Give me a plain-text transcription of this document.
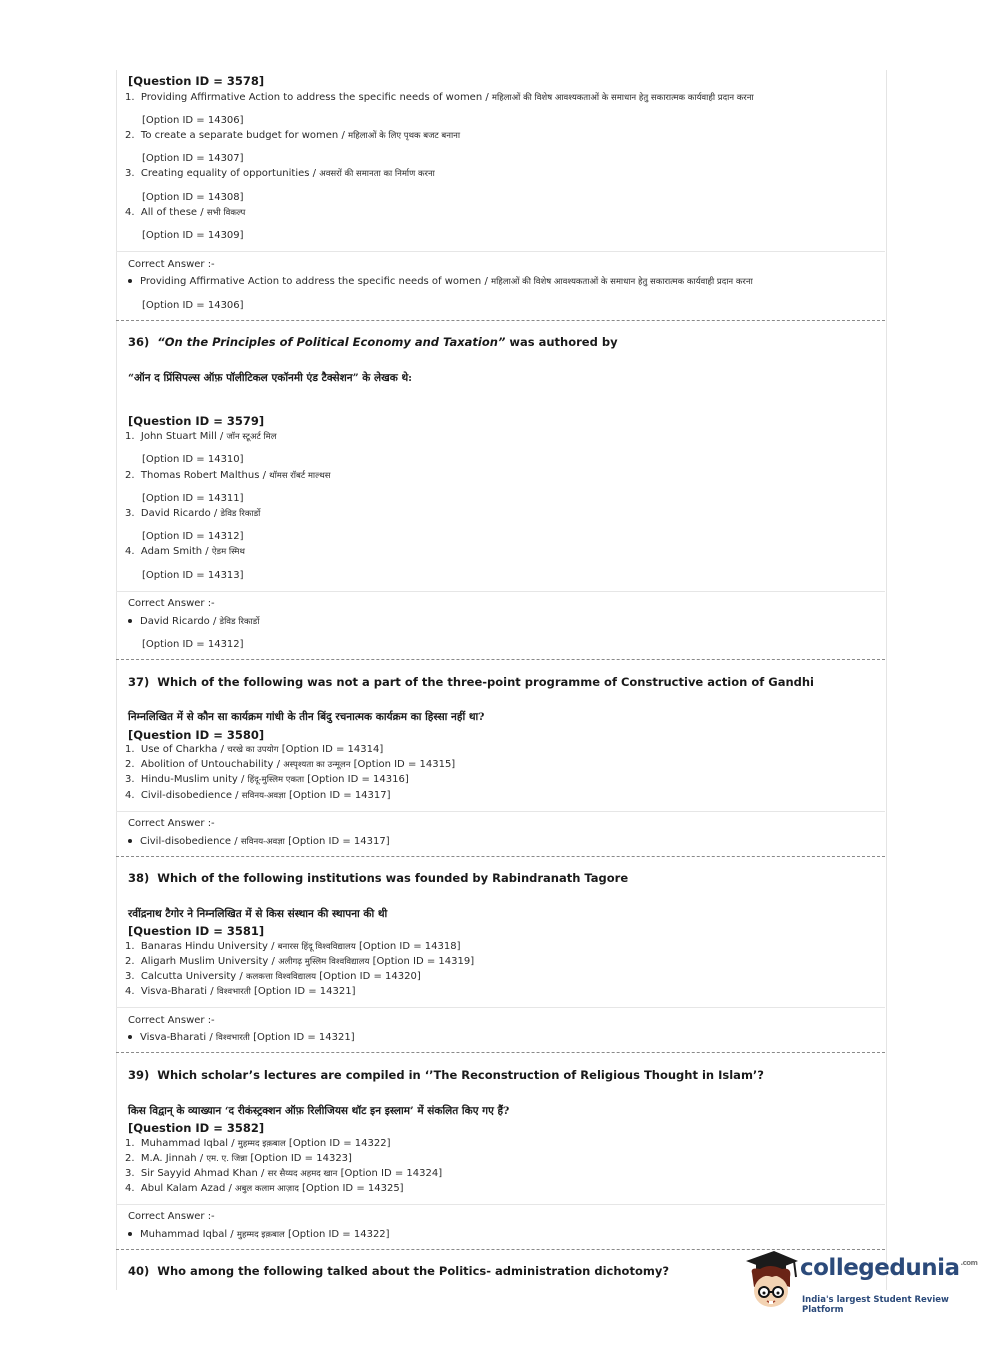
[Question ID = 3578]
1. Providing Affirmative Action to address the specific needs of women / महिलाओं की विशेष आवश्यकताओं के समाधान हेतु सकारात्मक कार्यवाही प्रदान करना
[Option ID = 14306]
2. To create a separate budget for women / महिलाओं के लिए पृथक बजट बनाना
[Option ID = 14307]
3. Creating equality of opportunities / अवसरों की समानता का निर्माण करना
[Option ID = 14308]
4. All of these / सभी विकल्प
[Option ID = 14309]
Correct Answer :-
Providing Affirmative Action to address the specific needs of women / महिलाओं की विशेष आवश्यकताओं के समाधान हेतु सकारात्मक कार्यवाही प्रदान करना
[Option ID = 14306]
36) “On the Principles of Political Economy and Taxation” was authored by
“ऑन द प्रिंसिपल्स ऑफ़ पॉलीटिकल एकॉनमी एंड टैक्सेशन” के लेखक थे:
[Question ID = 3579]
1. John Stuart Mill / जॉन स्टूअर्ट मिल
[Option ID = 14310]
2. Thomas Robert Malthus / थॉमस रॉबर्ट माल्थस
[Option ID = 14311]
3. David Ricardo / डेविड रिकार्डो
[Option ID = 14312]
4. Adam Smith / ऐडम स्मिथ
[Option ID = 14313]
Correct Answer :-
David Ricardo / डेविड रिकार्डो
[Option ID = 14312]
37) Which of the following was not a part of the three-point programme of Constructive action of Gandhi
निम्नलिखित में से कौन सा कार्यक्रम गांधी के तीन बिंदु रचनात्मक कार्यक्रम का हिस्सा नहीं था?
[Question ID = 3580]
1. Use of Charkha / चरखे का उपयोग [Option ID = 14314]
2. Abolition of Untouchability / अस्पृश्यता का उन्मूलन [Option ID = 14315]
3. Hindu-Muslim unity / हिंदू-मुस्लिम एकता [Option ID = 14316]
4. Civil-disobedience / सविनय-अवज्ञा [Option ID = 14317]
Correct Answer :-
Civil-disobedience / सविनय-अवज्ञा [Option ID = 14317]
38) Which of the following institutions was founded by Rabindranath Tagore
रवींद्रनाथ टैगोर ने निम्नलिखित में से किस संस्थान की स्थापना की थी
[Question ID = 3581]
1. Banaras Hindu University / बनारस हिंदू विश्वविद्यालय [Option ID = 14318]
2. Aligarh Muslim University / अलीगढ़ मुस्लिम विश्वविद्यालय [Option ID = 14319]
3. Calcutta University / कलकत्ता विश्वविद्यालय [Option ID = 14320]
4. Visva-Bharati / विश्वभारती [Option ID = 14321]
Correct Answer :-
Visva-Bharati / विश्वभारती [Option ID = 14321]
39) Which scholar’s lectures are compiled in ‘’The Reconstruction of Religious Thought in Islam’?
किस विद्वान् के व्याख्यान ‘द रीकंस्ट्रक्शन ऑफ़ रिलीजियस थॉट इन इस्लाम’ में संकलित किए गए हैं?
[Question ID = 3582]
1. Muhammad Iqbal / मुहम्मद इक़बाल [Option ID = 14322]
2. M.A. Jinnah / एम. ए. जिन्ना [Option ID = 14323]
3. Sir Sayyid Ahmad Khan / सर सैय्यद अहमद खान [Option ID = 14324]
4. Abul Kalam Azad / अबुल कलाम आज़ाद [Option ID = 14325]
Correct Answer :-
Muhammad Iqbal / मुहम्मद इक़बाल [Option ID = 14322]
40) Who among the following talked about the Politics- administration dichotomy?	collegedunia$^{.com}$
India's largest Student Review Platform
